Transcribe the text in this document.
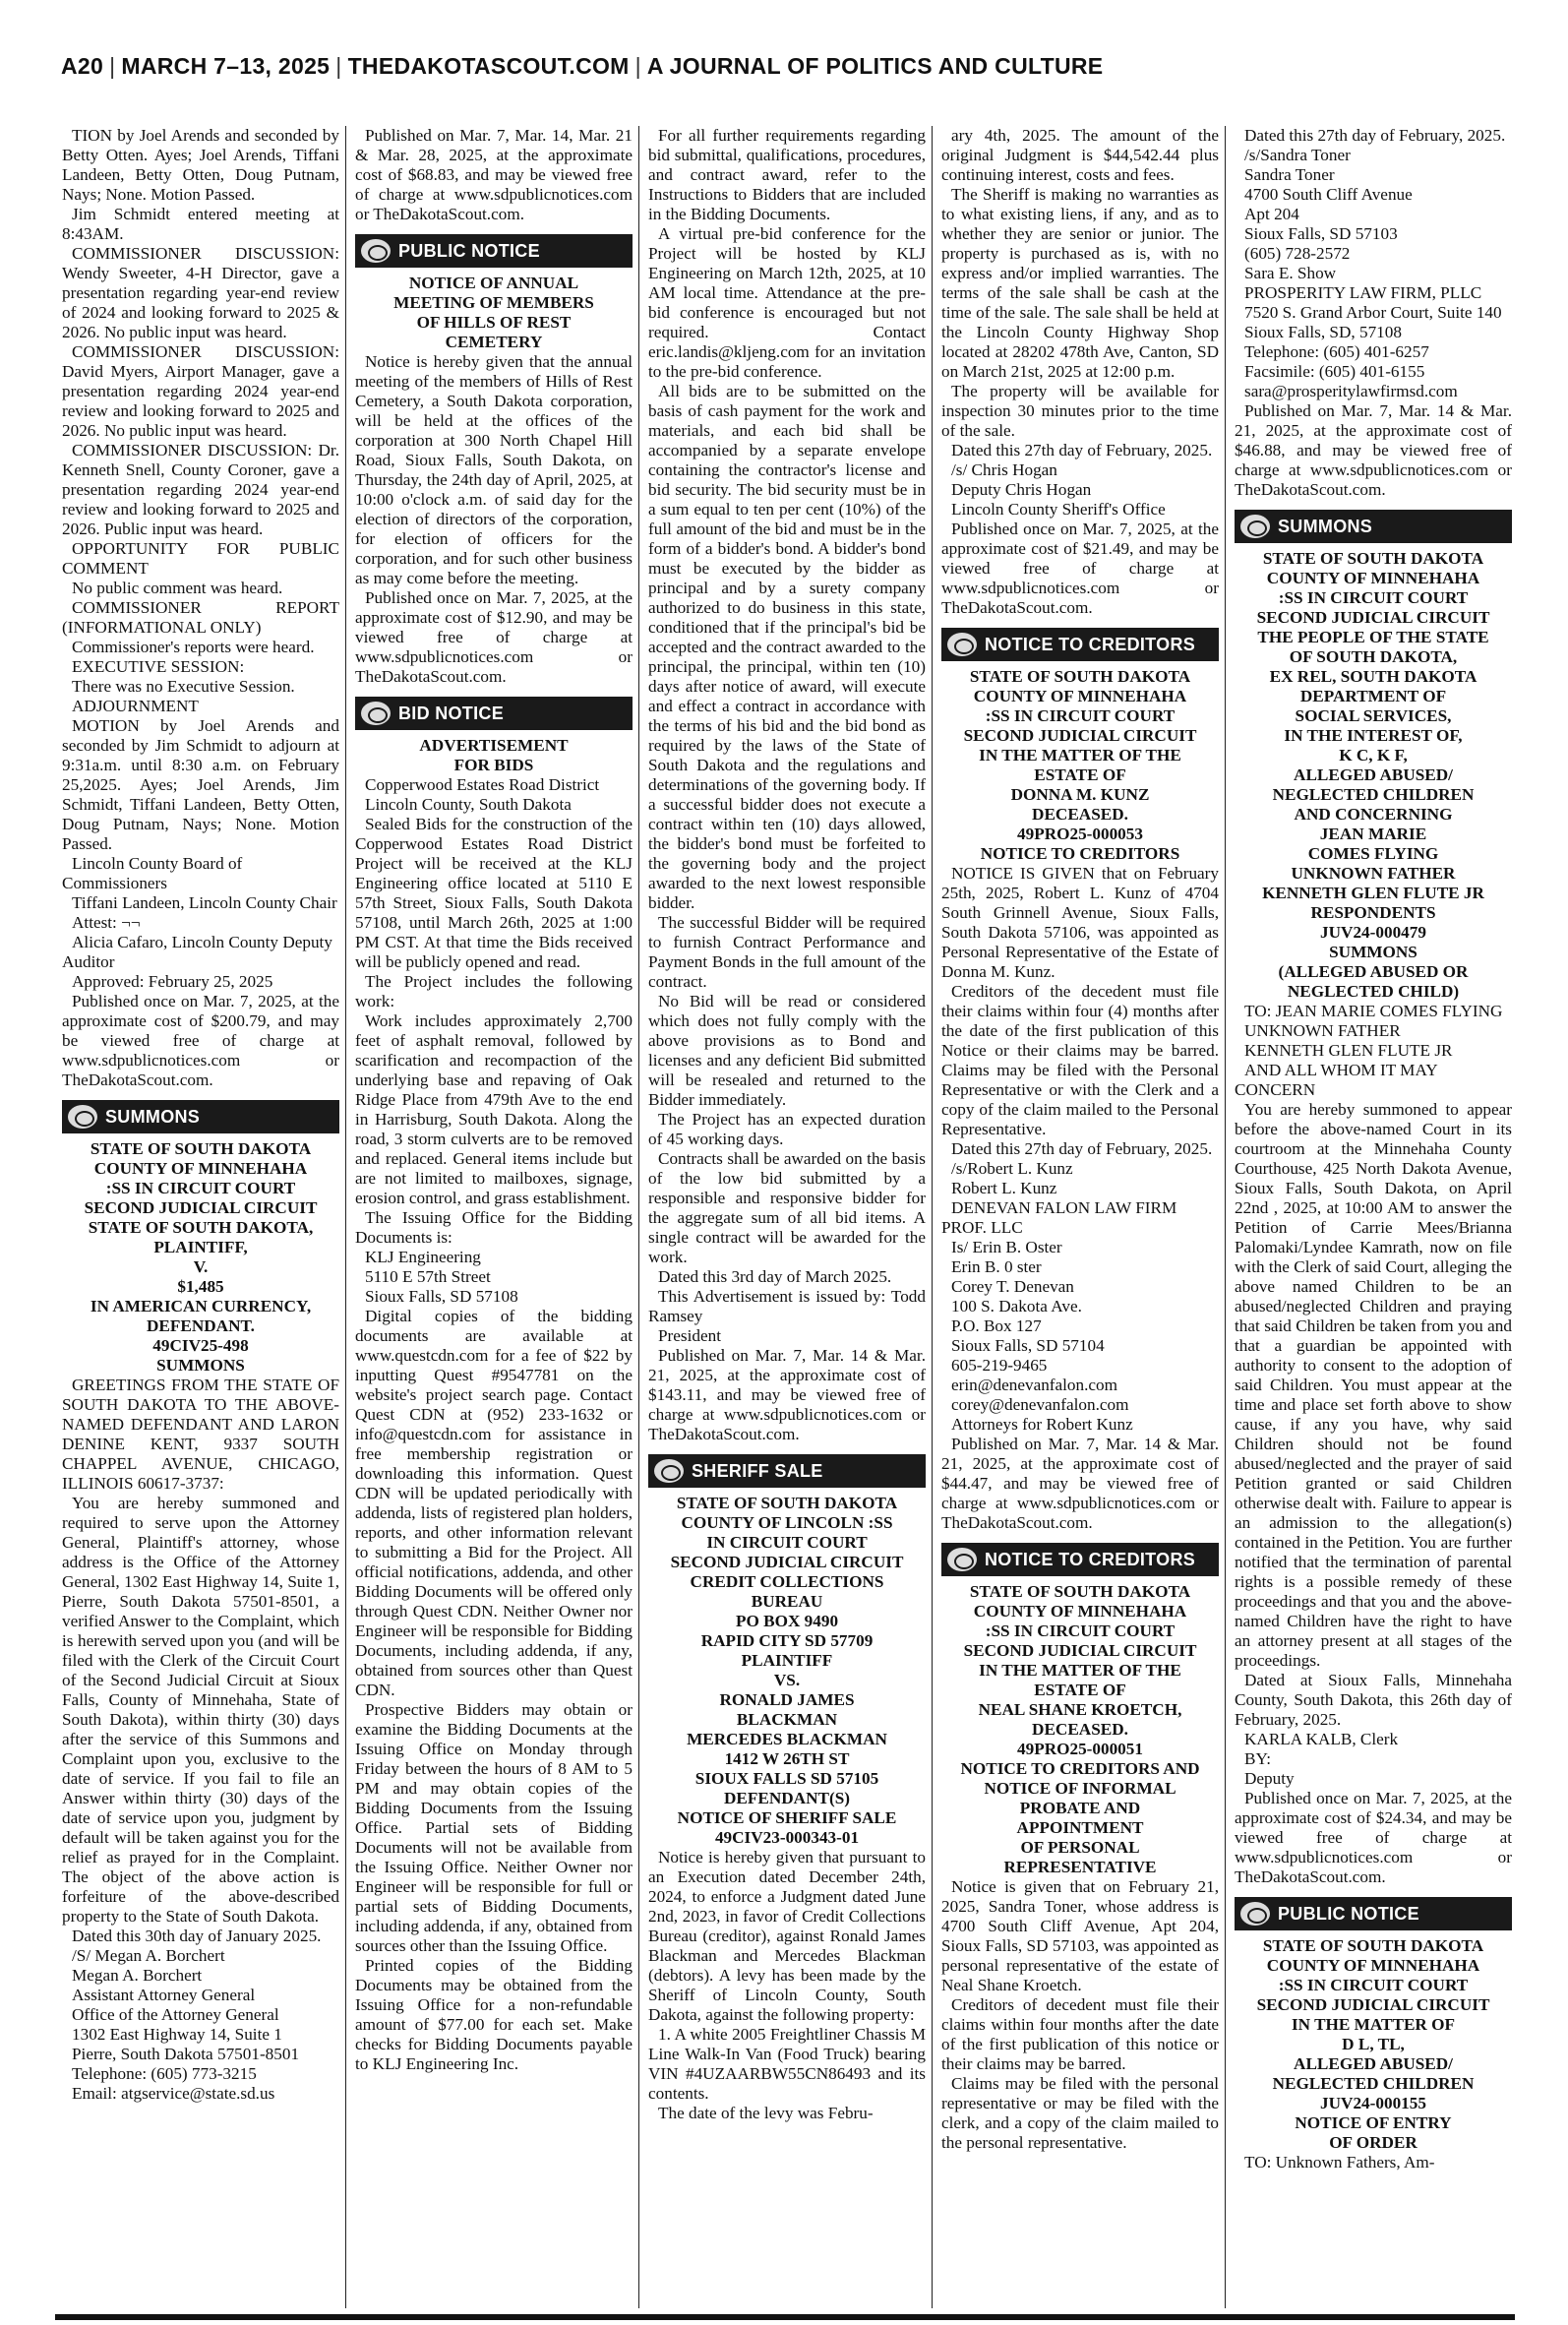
A20 | MARCH 7–13, 2025 | THEDAKOTASCOUT.COM | A JOURNAL OF POLITICS AND CULTURE

TION by Joel Arends and seconded by Betty Otten. Ayes; Joel Arends, Tiffani Landeen, Betty Otten, Doug Putnam, Nays; None. Motion Passed.

Jim Schmidt entered meeting at 8:43AM.

COMMISSIONER DISCUSSION: Wendy Sweeter, 4-H Director, gave a presentation regarding year-end review of 2024 and looking forward to 2025 & 2026. No public input was heard.

COMMISSIONER DISCUSSION: David Myers, Airport Manager, gave a presentation regarding 2024 year-end review and looking forward to 2025 and 2026. No public input was heard.

COMMISSIONER DISCUSSION: Dr. Kenneth Snell, County Coroner, gave a presentation regarding 2024 year-end review and looking forward to 2025 and 2026. Public input was heard.

OPPORTUNITY FOR PUBLIC COMMENT

No public comment was heard.

COMMISSIONER REPORT (INFORMATIONAL ONLY)

Commissioner's reports were heard.

EXECUTIVE SESSION:

There was no Executive Session.

ADJOURNMENT

MOTION by Joel Arends and seconded by Jim Schmidt to adjourn at 9:31a.m. until 8:30 a.m. on February 25,2025. Ayes; Joel Arends, Jim Schmidt, Tiffani Landeen, Betty Otten, Doug Putnam, Nays; None. Motion Passed.

Lincoln County Board of Commissioners

Tiffani Landeen, Lincoln County Chair

Attest: ¬¬

Alicia Cafaro, Lincoln County Deputy Auditor

Approved: February 25, 2025

Published once on Mar. 7, 2025, at the approximate cost of $200.79, and may be viewed free of charge at www.sdpublicnotices.com or TheDakotaScout.com.

SUMMONS

STATE OF SOUTH DAKOTA

COUNTY OF MINNEHAHA

:SS IN CIRCUIT COURT

SECOND JUDICIAL CIRCUIT

STATE OF SOUTH DAKOTA,

PLAINTIFF,

V.

$1,485

IN AMERICAN CURRENCY,

DEFENDANT.

49CIV25-498

SUMMONS

GREETINGS FROM THE STATE OF SOUTH DAKOTA TO THE ABOVE-NAMED DEFENDANT AND LARON DENINE KENT, 9337 SOUTH CHAPPEL AVENUE, CHICAGO, ILLINOIS 60617-3737:

You are hereby summoned and required to serve upon the Attorney General, Plaintiff's attorney, whose address is the Office of the Attorney General, 1302 East Highway 14, Suite 1, Pierre, South Dakota 57501-8501, a verified Answer to the Complaint, which is herewith served upon you (and will be filed with the Clerk of the Circuit Court of the Second Judicial Circuit at Sioux Falls, County of Minnehaha, State of South Dakota), within thirty (30) days after the service of this Summons and Complaint upon you, exclusive to the date of service. If you fail to file an Answer within thirty (30) days of the date of service upon you, judgment by default will be taken against you for the relief as prayed for in the Complaint. The object of the above action is forfeiture of the above-described property to the State of South Dakota.

Dated this 30th day of January 2025.

/S/ Megan A. Borchert

Megan A. Borchert

Assistant Attorney General

Office of the Attorney General

1302 East Highway 14, Suite 1

Pierre, South Dakota 57501-8501

Telephone: (605) 773-3215

Email: atgservice@state.sd.us

Published on Mar. 7, Mar. 14, Mar. 21 & Mar. 28, 2025, at the approximate cost of $68.83, and may be viewed free of charge at www.sdpublicnotices.com or TheDakotaScout.com.

PUBLIC NOTICE

NOTICE OF ANNUAL

MEETING OF MEMBERS

OF HILLS OF REST

CEMETERY

Notice is hereby given that the annual meeting of the members of Hills of Rest Cemetery, a South Dakota corporation, will be held at the offices of the corporation at 300 North Chapel Hill Road, Sioux Falls, South Dakota, on Thursday, the 24th day of April, 2025, at 10:00 o'clock a.m. of said day for the election of directors of the corporation, for election of officers for the corporation, and for such other business as may come before the meeting.

Published once on Mar. 7, 2025, at the approximate cost of $12.90, and may be viewed free of charge at www.sdpublicnotices.com or TheDakotaScout.com.

BID NOTICE

ADVERTISEMENT

FOR BIDS

Copperwood Estates Road District

Lincoln County, South Dakota

Sealed Bids for the construction of the Copperwood Estates Road District Project will be received at the KLJ Engineering office located at 5110 E 57th Street, Sioux Falls, South Dakota 57108, until March 26th, 2025 at 1:00 PM CST. At that time the Bids received will be publicly opened and read.

The Project includes the following work:

Work includes approximately 2,700 feet of asphalt removal, followed by scarification and recompaction of the underlying base and repaving of Oak Ridge Place from 479th Ave to the end in Harrisburg, South Dakota. Along the road, 3 storm culverts are to be removed and replaced. General items include but are not limited to mailboxes, signage, erosion control, and grass establishment.

The Issuing Office for the Bidding Documents is:

KLJ Engineering

5110 E 57th Street

Sioux Falls, SD 57108

Digital copies of the bidding documents are available at www.questcdn.com for a fee of $22 by inputting Quest #9547781 on the website's project search page. Contact Quest CDN at (952) 233-1632 or info@questcdn.com for assistance in free membership registration or downloading this information. Quest CDN will be updated periodically with addenda, lists of registered plan holders, reports, and other information relevant to submitting a Bid for the Project. All official notifications, addenda, and other Bidding Documents will be offered only through Quest CDN. Neither Owner nor Engineer will be responsible for Bidding Documents, including addenda, if any, obtained from sources other than Quest CDN.

Prospective Bidders may obtain or examine the Bidding Documents at the Issuing Office on Monday through Friday between the hours of 8 AM to 5 PM and may obtain copies of the Bidding Documents from the Issuing Office. Partial sets of Bidding Documents will not be available from the Issuing Office. Neither Owner nor Engineer will be responsible for full or partial sets of Bidding Documents, including addenda, if any, obtained from sources other than the Issuing Office.

Printed copies of the Bidding Documents may be obtained from the Issuing Office for a non-refundable amount of $77.00 for each set. Make checks for Bidding Documents payable to KLJ Engineering Inc.

For all further requirements regarding bid submittal, qualifications, procedures, and contract award, refer to the Instructions to Bidders that are included in the Bidding Documents.

A virtual pre-bid conference for the Project will be hosted by KLJ Engineering on March 12th, 2025, at 10 AM local time. Attendance at the pre-bid conference is encouraged but not required. Contact eric.landis@kljeng.com for an invitation to the pre-bid conference.

All bids are to be submitted on the basis of cash payment for the work and materials, and each bid shall be accompanied by a separate envelope containing the contractor's license and bid security. The bid security must be in a sum equal to ten per cent (10%) of the full amount of the bid and must be in the form of a bidder's bond. A bidder's bond must be executed by the bidder as principal and by a surety company authorized to do business in this state, conditioned that if the principal's bid be accepted and the contract awarded to the principal, the principal, within ten (10) days after notice of award, will execute and effect a contract in accordance with the terms of his bid and the bid bond as required by the laws of the State of South Dakota and the regulations and determinations of the governing body. If a successful bidder does not execute a contract within ten (10) days allowed, the bidder's bond must be forfeited to the governing body and the project awarded to the next lowest responsible bidder.

The successful Bidder will be required to furnish Contract Performance and Payment Bonds in the full amount of the contract.

No Bid will be read or considered which does not fully comply with the above provisions as to Bond and licenses and any deficient Bid submitted will be resealed and returned to the Bidder immediately.

The Project has an expected duration of 45 working days.

Contracts shall be awarded on the basis of the low bid submitted by a responsible and responsive bidder for the aggregate sum of all bid items. A single contract will be awarded for the work.

Dated this 3rd day of March 2025.

This Advertisement is issued by: Todd Ramsey

President

Published on Mar. 7, Mar. 14 & Mar. 21, 2025, at the approximate cost of $143.11, and may be viewed free of charge at www.sdpublicnotices.com or TheDakotaScout.com.

SHERIFF SALE

STATE OF SOUTH DAKOTA

COUNTY OF LINCOLN :SS

IN CIRCUIT COURT

SECOND JUDICIAL CIRCUIT

CREDIT COLLECTIONS

BUREAU

PO BOX 9490

RAPID CITY SD 57709

PLAINTIFF

VS.

RONALD JAMES

BLACKMAN

MERCEDES BLACKMAN

1412 W 26TH ST

SIOUX FALLS SD 57105

DEFENDANT(S)

NOTICE OF SHERIFF SALE

49CIV23-000343-01

Notice is hereby given that pursuant to an Execution dated December 24th, 2024, to enforce a Judgment dated June 2nd, 2023, in favor of Credit Collections Bureau (creditor), against Ronald James Blackman and Mercedes Blackman (debtors). A levy has been made by the Sheriff of Lincoln County, South Dakota, against the following property:

1. A white 2005 Freightliner Chassis M Line Walk-In Van (Food Truck) bearing VIN #4UZAARBW55CN86493 and its contents.

The date of the levy was Febru-

ary 4th, 2025. The amount of the original Judgment is $44,542.44 plus continuing interest, costs and fees.

The Sheriff is making no warranties as to what existing liens, if any, and as to whether they are senior or junior. The property is purchased as is, with no express and/or implied warranties. The terms of the sale shall be cash at the time of the sale. The sale shall be held at the Lincoln County Highway Shop located at 28202 478th Ave, Canton, SD on March 21st, 2025 at 12:00 p.m.

The property will be available for inspection 30 minutes prior to the time of the sale.

Dated this 27th day of February, 2025.

/s/ Chris Hogan

Deputy Chris Hogan

Lincoln County Sheriff's Office

Published once on Mar. 7, 2025, at the approximate cost of $21.49, and may be viewed free of charge at www.sdpublicnotices.com or TheDakotaScout.com.

NOTICE TO CREDITORS

STATE OF SOUTH DAKOTA

COUNTY OF MINNEHAHA

:SS IN CIRCUIT COURT

SECOND JUDICIAL CIRCUIT

IN THE MATTER OF THE

ESTATE OF

DONNA M. KUNZ

DECEASED.

49PRO25-000053

NOTICE TO CREDITORS

NOTICE IS GIVEN that on February 25th, 2025, Robert L. Kunz of 4704 South Grinnell Avenue, Sioux Falls, South Dakota 57106, was appointed as Personal Representative of the Estate of Donna M. Kunz.

Creditors of the decedent must file their claims within four (4) months after the date of the first publication of this Notice or their claims may be barred. Claims may be filed with the Personal Representative or with the Clerk and a copy of the claim mailed to the Personal Representative.

Dated this 27th day of February, 2025.

/s/Robert L. Kunz

Robert L. Kunz

DENEVAN FALON LAW FIRM PROF. LLC

Is/ Erin B. Oster

Erin B. 0 ster

Corey T. Denevan

100 S. Dakota Ave.

P.O. Box 127

Sioux Falls, SD 57104

605-219-9465

erin@denevanfalon.com

corey@denevanfalon.com

Attorneys for Robert Kunz

Published on Mar. 7, Mar. 14 & Mar. 21, 2025, at the approximate cost of $44.47, and may be viewed free of charge at www.sdpublicnotices.com or TheDakotaScout.com.

NOTICE TO CREDITORS

STATE OF SOUTH DAKOTA

COUNTY OF MINNEHAHA

:SS IN CIRCUIT COURT

SECOND JUDICIAL CIRCUIT

IN THE MATTER OF THE

ESTATE OF

NEAL SHANE KROETCH,

DECEASED.

49PRO25-000051

NOTICE TO CREDITORS AND

NOTICE OF INFORMAL

PROBATE AND

APPOINTMENT

OF PERSONAL

REPRESENTATIVE

Notice is given that on February 21, 2025, Sandra Toner, whose address is 4700 South Cliff Avenue, Apt 204, Sioux Falls, SD 57103, was appointed as personal representative of the estate of Neal Shane Kroetch.

Creditors of decedent must file their claims within four months after the date of the first publication of this notice or their claims may be barred.

Claims may be filed with the personal representative or may be filed with the clerk, and a copy of the claim mailed to the personal representative.

Dated this 27th day of February, 2025.

/s/Sandra Toner

Sandra Toner

4700 South Cliff Avenue

Apt 204

Sioux Falls, SD 57103

(605) 728-2572

Sara E. Show

PROSPERITY LAW FIRM, PLLC

7520 S. Grand Arbor Court, Suite 140

Sioux Falls, SD, 57108

Telephone: (605) 401-6257

Facsimile: (605) 401-6155

sara@prosperitylawfirmsd.com

Published on Mar. 7, Mar. 14 & Mar. 21, 2025, at the approximate cost of $46.88, and may be viewed free of charge at www.sdpublicnotices.com or TheDakotaScout.com.

SUMMONS

STATE OF SOUTH DAKOTA

COUNTY OF MINNEHAHA

:SS IN CIRCUIT COURT

SECOND JUDICIAL CIRCUIT

THE PEOPLE OF THE STATE

OF SOUTH DAKOTA,

EX REL, SOUTH DAKOTA

DEPARTMENT OF

SOCIAL SERVICES,

IN THE INTEREST OF,

K C, K F,

ALLEGED ABUSED/

NEGLECTED CHILDREN

AND CONCERNING

JEAN MARIE

COMES FLYING

UNKNOWN FATHER

KENNETH GLEN FLUTE JR

RESPONDENTS

JUV24-000479

SUMMONS

(ALLEGED ABUSED OR

NEGLECTED CHILD)

TO: JEAN MARIE COMES FLYING

UNKNOWN FATHER

KENNETH GLEN FLUTE JR

AND ALL WHOM IT MAY CONCERN

You are hereby summoned to appear before the above-named Court in its courtroom at the Minnehaha County Courthouse, 425 North Dakota Avenue, Sioux Falls, South Dakota, on April 22nd , 2025, at 10:00 AM to answer the Petition of Carrie Mees/Brianna Palomaki/Lyndee Kamrath, now on file with the Clerk of said Court, alleging the above named Children to be an abused/neglected Children and praying that said Children be taken from you and that a guardian be appointed with authority to consent to the adoption of said Children. You must appear at the time and place set forth above to show cause, if any you have, why said Children should not be found abused/neglected and the prayer of said Petition granted or said Children otherwise dealt with. Failure to appear is an admission to the allegation(s) contained in the Petition. You are further notified that the termination of parental rights is a possible remedy of these proceedings and that you and the above-named Children have the right to have an attorney present at all stages of the proceedings.

Dated at Sioux Falls, Minnehaha County, South Dakota, this 26th day of February, 2025.

KARLA KALB, Clerk

BY:

Deputy

Published once on Mar. 7, 2025, at the approximate cost of $24.34, and may be viewed free of charge at www.sdpublicnotices.com or TheDakotaScout.com.

PUBLIC NOTICE

STATE OF SOUTH DAKOTA

COUNTY OF MINNEHAHA

:SS IN CIRCUIT COURT

SECOND JUDICIAL CIRCUIT

IN THE MATTER OF

D L, TL,

ALLEGED ABUSED/

NEGLECTED CHILDREN

JUV24-000155

NOTICE OF ENTRY

OF ORDER

TO: Unknown Fathers, Am-
